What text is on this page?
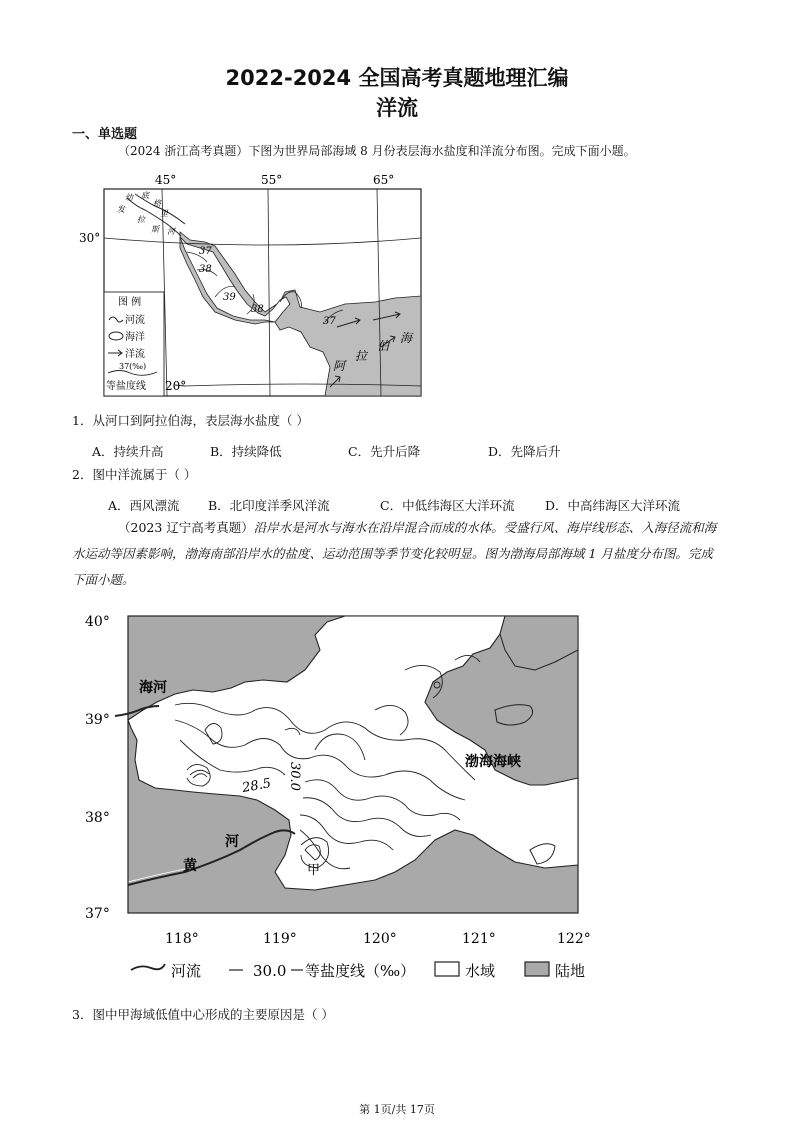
2022-2024 全国高考真题地理汇编
洋流
一、单选题
（2024 浙江高考真题）下图为世界局部海域 8 月份表层海水盐度和洋流分布图。完成下面小题。
45°	55°	65°
30°
20°
幼
发
拉
底
格
里
斯 河
37
38
39
38
37
阿
拉
伯
海
图 例
河流
海洋
洋流
37(‰)
等盐度线
1．从河口到阿拉伯海，表层海水盐度（ ）
A．持续升高	B．持续降低	C．先升后降	D．先降后升
2．图中洋流属于（ ）
A．西风漂流 B．北印度洋季风洋流	C．中低纬海区大洋环流 D．中高纬海区大洋环流
（2023 辽宁高考真题）沿岸水是河水与海水在沿岸混合而成的水体。受盛行风、海岸线形态、入海径流和海水运动等因素影响，渤海南部沿岸水的盐度、运动范围等季节变化较明显。图为渤海局部海域 1 月盐度分布图。完成下面小题。
40°
39°
38°
37°
118°	119°	120°	121°	122°
海河
渤海海峡
河
黄	甲
30.0
28.5
河流	30.0 等盐度线（‰）	水域	陆地
3．图中甲海域低值中心形成的主要原因是（ ）
第 1页/共 17页
